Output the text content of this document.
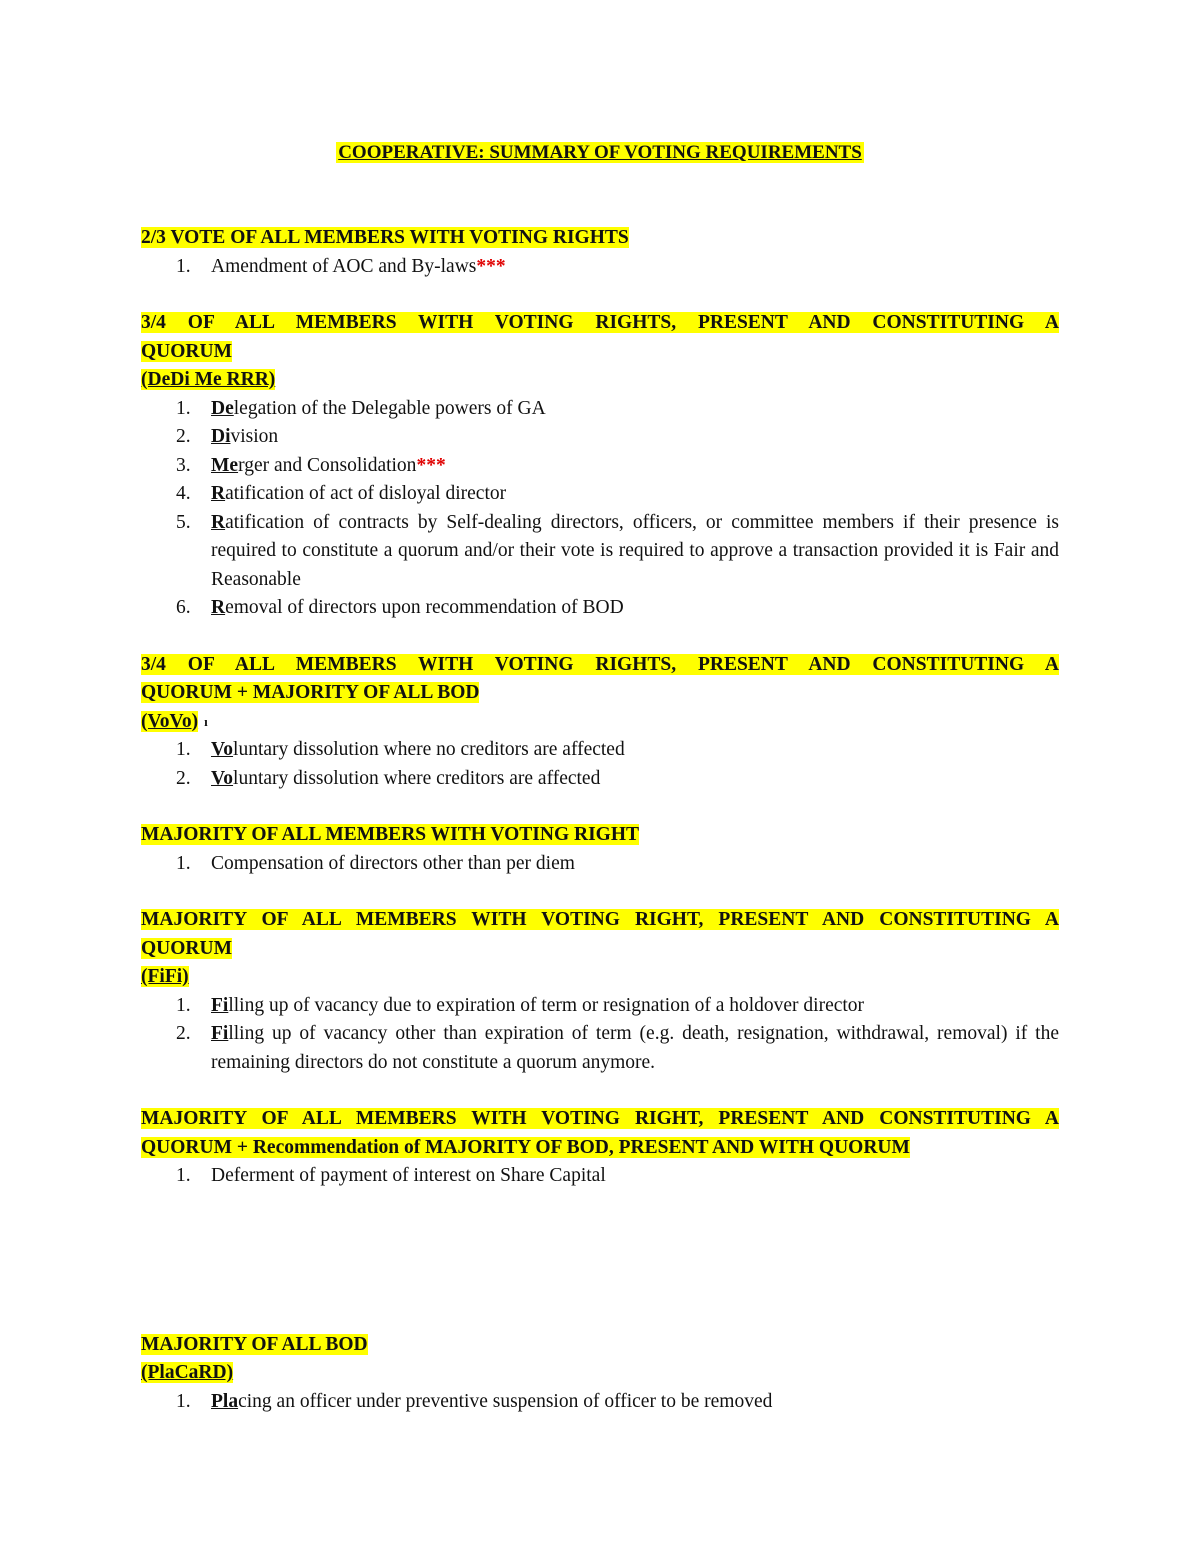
COOPERATIVE: SUMMARY OF VOTING REQUIREMENTS
2/3 VOTE OF ALL MEMBERS WITH VOTING RIGHTS
1. Amendment of AOC and By-laws***
3/4 OF ALL MEMBERS WITH VOTING RIGHTS, PRESENT AND CONSTITUTING A
QUORUM
(DeDi Me RRR)
1. Delegation of the Delegable powers of GA
2. Division
3. Merger and Consolidation***
4. Ratification of act of disloyal director
5. Ratification of contracts by Self-dealing directors, officers, or committee members if their presence is required to constitute a quorum and/or their vote is required to approve a transaction provided it is Fair and Reasonable
6. Removal of directors upon recommendation of BOD
3/4 OF ALL MEMBERS WITH VOTING RIGHTS, PRESENT AND CONSTITUTING A
QUORUM + MAJORITY OF ALL BOD
(VoVo) ı
1. Voluntary dissolution where no creditors are affected
2. Voluntary dissolution where creditors are affected
MAJORITY OF ALL MEMBERS WITH VOTING RIGHT
1. Compensation of directors other than per diem
MAJORITY OF ALL MEMBERS WITH VOTING RIGHT, PRESENT AND CONSTITUTING A
QUORUM
(FiFi)
1. Filling up of vacancy due to expiration of term or resignation of a holdover director
2. Filling up of vacancy other than expiration of term (e.g. death, resignation, withdrawal, removal) if the remaining directors do not constitute a quorum anymore.
MAJORITY OF ALL MEMBERS WITH VOTING RIGHT, PRESENT AND CONSTITUTING A
QUORUM + Recommendation of MAJORITY OF BOD, PRESENT AND WITH QUORUM
1. Deferment of payment of interest on Share Capital
MAJORITY OF ALL BOD
(PlaCaRD)
1. Placing an officer under preventive suspension of officer to be removed
